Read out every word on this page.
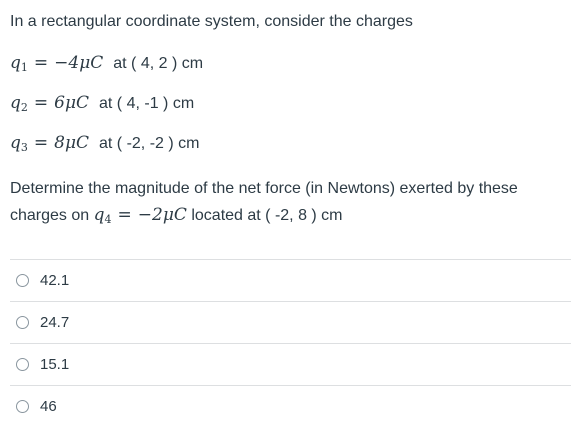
In a rectangular coordinate system, consider the charges

$q_1 = -4\mu C$ at ( 4, 2 ) cm
$q_2 = 6\mu C$ at ( 4, -1 ) cm
$q_3 = 8\mu C$ at ( -2, -2 ) cm
Determine the magnitude of the net force (in Newtons) exerted by these charges on $q_4 = -2\mu C$ located at ( -2, 8 ) cm
42.1
24.7
15.1
46
